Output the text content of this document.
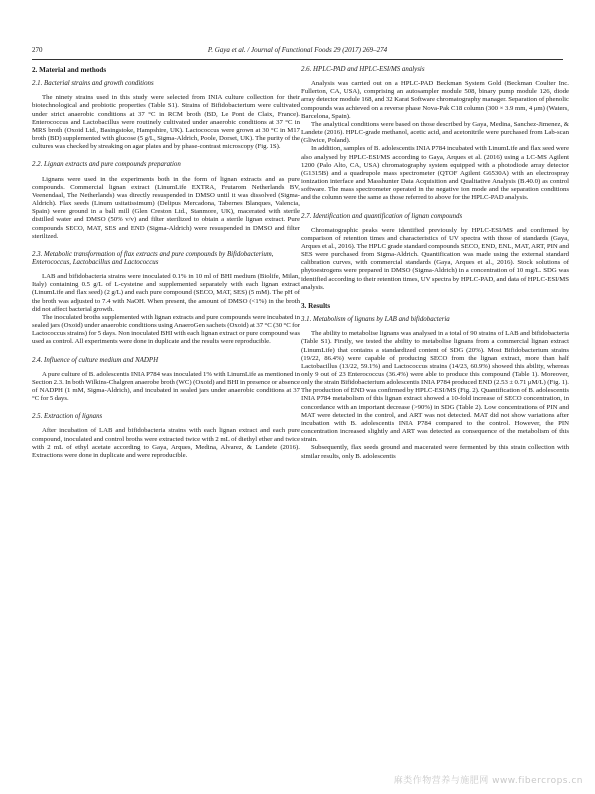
270	P. Gaya et al. / Journal of Functional Foods 29 (2017) 269–274
2. Material and methods
2.1. Bacterial strains and growth conditions

The ninety strains used in this study were selected from INIA culture collection for their biotechnological and probiotic properties (Table S1). Strains of Bifidobacterium were cultivated under strict anaerobic conditions at 37 °C in RCM broth (BD, Le Pont de Claix, France). Enterococcus and Lactobacillus were routinely cultivated under anaerobic conditions at 37 °C in MRS broth (Oxoid Ltd., Basingstoke, Hampshire, UK). Lactococcus were grown at 30 °C in M17 broth (BD) supplemented with glucose (5 g/L, Sigma-Aldrich, Poole, Dorset, UK). The purity of the cultures was checked by streaking on agar plates and by phase-contrast microscopy (Fig. 1S).

2.2. Lignan extracts and pure compounds preparation

Lignans were used in the experiments both in the form of lignan extracts and as pure compounds. Commercial lignan extract (LinumLife EXTRA, Frutarom Netherlands BV, Veenendaal, The Netherlands) was directly resuspended in DMSO until it was dissolved (Sigma-Aldrich). Flax seeds (Linum usitatissimum) (Delipus Mercadona, Tabernes Blanques, Valencia, Spain) were ground in a ball mill (Glen Creston Ltd., Stanmore, UK), macerated with sterile distilled water and DMSO (50% v/v) and filter sterilized to obtain a sterile lignan extract. Pure compounds SECO, MAT, SES and END (Sigma-Aldrich) were resuspended in DMSO and filter sterilized.

2.3. Metabolic transformation of flax extracts and pure compounds by Bifidobacterium, Enterococcus, Lactobacillus and Lactococcus

LAB and bifidobacteria strains were inoculated 0.1% in 10 ml of BHI medium (Biolife, Milan, Italy) containing 0.5 g/L of L-cysteine and supplemented separately with each lignan extract (LinumLife and flax seed) (2 g/L) and each pure compound (SECO, MAT, SES) (5 mM). The pH of the broth was adjusted to 7.4 with NaOH. When present, the amount of DMSO (<1%) in the broth did not affect bacterial growth.

The inoculated broths supplemented with lignan extracts and pure compounds were incubated in sealed jars (Oxoid) under anaerobic conditions using AnaeroGen sachets (Oxoid) at 37 °C (30 °C for Lactococcus strains) for 5 days. Non inoculated BHI with each lignan extract or pure compound was used as control. All experiments were done in duplicate and the results were reproducible.

2.4. Influence of culture medium and NADPH

A pure culture of B. adolescentis INIA P784 was inoculated 1% with LinumLife as mentioned in Section 2.3. In both Wilkins-Chalgren anaerobe broth (WC) (Oxoid) and BHI in presence or absence of NADPH (1 mM, Sigma-Aldrich), and incubated in sealed jars under anaerobic conditions at 37 °C for 5 days.

2.5. Extraction of lignans

After incubation of LAB and bifidobacteria strains with each lignan extract and each pure compound, inoculated and control broths were extracted twice with 2 mL of diethyl ether and twice with 2 mL of ethyl acetate according to Gaya, Arques, Medina, Alvarez, & Landete (2016). Extractions were done in duplicate and were reproducible.

2.6. HPLC-PAD and HPLC-ESI/MS analysis

Analysis was carried out on a HPLC-PAD Beckman System Gold (Beckman Coulter Inc. Fullerton, CA, USA), comprising an autosampler module 508, binary pump module 126, diode array detector module 168, and 32 Karat Software chromatography manager. Separation of phenolic compounds was achieved on a reverse phase Nova-Pak C18 column (300 × 3.9 mm, 4 μm) (Waters, Barcelona, Spain).

The analytical conditions were based on those described by Gaya, Medina, Sanchez-Jimenez, & Landete (2016). HPLC-grade methanol, acetic acid, and acetonitrile were purchased from Lab-scan (Gliwice, Poland).

In addition, samples of B. adolescentis INIA P784 incubated with LinumLife and flax seed were also analysed by HPLC-ESI/MS according to Gaya, Arques et al. (2016) using a LC-MS Agilent 1200 (Palo Alto, CA, USA) chromatography system equipped with a photodiode array detector (G1315B) and a quadrupole mass spectrometer (QTOF Agilent G6530A) with an electrospray ionization interface and Masshunter Data Acquisition and Qualitative Analysis (B.40.0) as control software. The mass spectrometer operated in the negative ion mode and the separation conditions and the column were the same as those referred to above for the HPLC-PAD analysis.

2.7. Identification and quantification of lignan compounds

Chromatographic peaks were identified previously by HPLC-ESI/MS and confirmed by comparison of retention times and characteristics of UV spectra with those of standards (Gaya, Arques et al., 2016). The HPLC grade standard compounds SECO, END, ENL, MAT, ART, PIN and SES were purchased from Sigma-Aldrich. Quantification was made using the external standard calibration curves, with commercial standards (Gaya, Arques et al., 2016). Stock solutions of phytoestrogens were prepared in DMSO (Sigma-Aldrich) in a concentration of 10 mg/L. SDG was identified according to their retention times, UV spectra by HPLC-PAD, and data of HPLC-ESI/MS analysis.

3. Results
3.1. Metabolism of lignans by LAB and bifidobacteria

The ability to metabolise lignans was analysed in a total of 90 strains of LAB and bifidobacteria (Table S1). Firstly, we tested the ability to metabolise lignans from a commercial lignan extract (LinumLife) that contains a standardized content of SDG (20%). Most Bifidobacterium strains (19/22, 86.4%) were capable of producing SECO from the lignan extract, more than half Lactobacillus (13/22, 59.1%) and Lactococcus strains (14/23, 60.9%) showed this ability, whereas only 9 out of 23 Enterococcus (36.4%) were able to produce this compound (Table 1). Moreover, only the strain Bifidobacterium adolescentis INIA P784 produced END (2.53 ± 0.71 μM/L) (Fig. 1). The production of END was confirmed by HPLC-ESI/MS (Fig. 2). Quantification of B. adolescentis INIA P784 metabolism of this lignan extract showed a 10-fold increase of SECO concentration, in concordance with an important decrease (>90%) in SDG (Table 2). Low concentrations of PIN and MAT were detected in the control, and ART was not detected. MAT did not show variations after incubation with B. adolescentis INIA P784 compared to the control. However, the PIN concentration increased slightly and ART was detected as consequence of the metabolism of this strain.

Subsequently, flax seeds ground and macerated were fermented by this strain collection with similar results, only B. adolescentis

麻类作物营养与施肥网 www.fibercrops.cn
